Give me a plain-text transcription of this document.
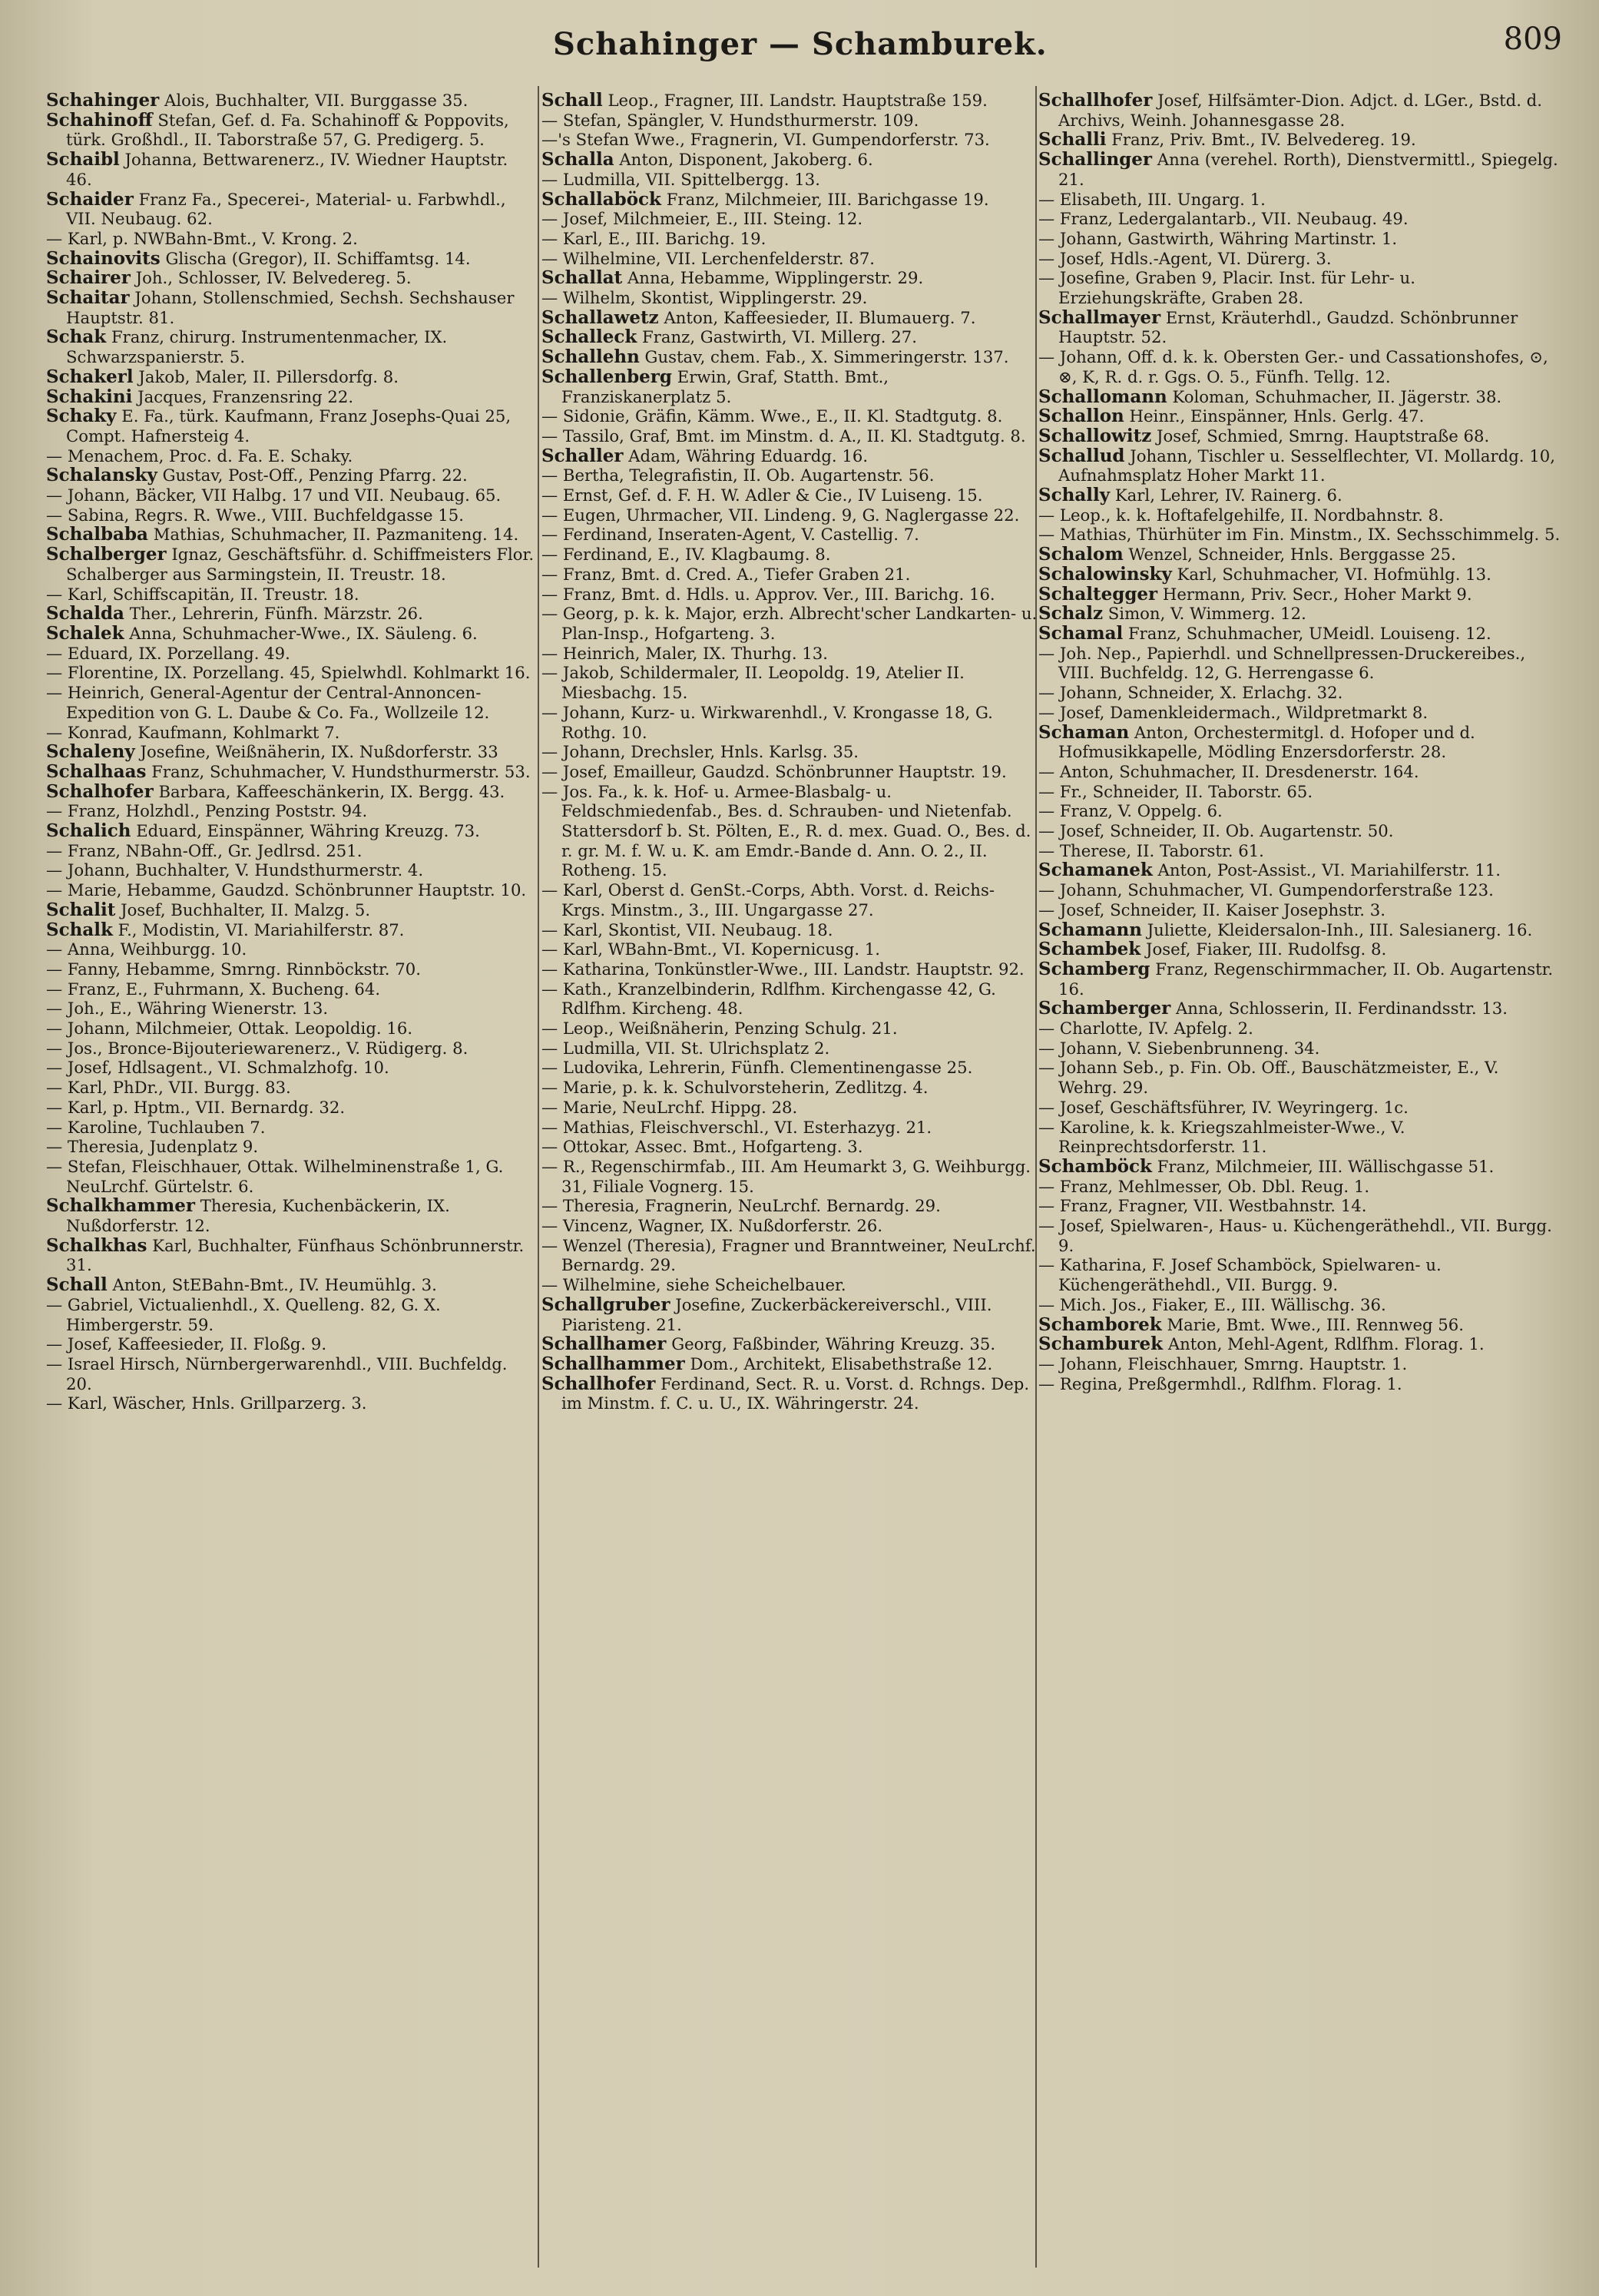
Schahinger — Schamburek.	809
Schahinger Alois, Buchhalter, VII. Burggasse 35.
Schahinoff Stefan, Gef. d. Fa. Schahinoff & Poppovits, türk. Großhdl., II. Taborstraße 57, G. Predigerg. 5.
Schaibl Johanna, Bettwarenerz., IV. Wiedner Hauptstr. 46.
Schaider Franz Fa., Specerei-, Material- u. Farbwhdl., VII. Neubaug. 62.
— Karl, p. NWBahn-Bmt., V. Krong. 2.
Schainovits Glischa (Gregor), II. Schiffamtsg. 14.
Schairer Joh., Schlosser, IV. Belvedereg. 5.
Schaitar Johann, Stollenschmied, Sechsh. Sechshauser Hauptstr. 81.
Schak Franz, chirurg. Instrumentenmacher, IX. Schwarzspanierstr. 5.
Schakerl Jakob, Maler, II. Pillersdorfg. 8.
Schakini Jacques, Franzensring 22.
Schaky E. Fa., türk. Kaufmann, Franz Josephs-Quai 25, Compt. Hafnersteig 4.
— Menachem, Proc. d. Fa. E. Schaky.
Schalansky Gustav, Post-Off., Penzing Pfarrg. 22.
— Johann, Bäcker, VII Halbg. 17 und VII. Neubaug. 65.
— Sabina, Regrs. R. Wwe., VIII. Buchfeldgasse 15.
Schalbaba Mathias, Schuhmacher, II. Pazmaniteng. 14.
Schalberger Ignaz, Geschäftsführ. d. Schiffmeisters Flor. Schalberger aus Sarmingstein, II. Treustr. 18.
— Karl, Schiffscapitän, II. Treustr. 18.
Schalda Ther., Lehrerin, Fünfh. Märzstr. 26.
Schalek Anna, Schuhmacher-Wwe., IX. Säuleng. 6.
— Eduard, IX. Porzellang. 49.
— Florentine, IX. Porzellang. 45, Spielwhdl. Kohlmarkt 16.
— Heinrich, General-Agentur der Central-Annoncen-Expedition von G. L. Daube & Co. Fa., Wollzeile 12.
— Konrad, Kaufmann, Kohlmarkt 7.
Schaleny Josefine, Weißnäherin, IX. Nußdorferstr. 33
Schalhaas Franz, Schuhmacher, V. Hundsthurmerstr. 53.
Schalhofer Barbara, Kaffeeschänkerin, IX. Bergg. 43.
— Franz, Holzhdl., Penzing Poststr. 94.
Schalich Eduard, Einspänner, Währing Kreuzg. 73.
— Franz, NBahn-Off., Gr. Jedlrsd. 251.
— Johann, Buchhalter, V. Hundsthurmerstr. 4.
— Marie, Hebamme, Gaudzd. Schönbrunner Hauptstr. 10.
Schalit Josef, Buchhalter, II. Malzg. 5.
Schalk F., Modistin, VI. Mariahilferstr. 87.
— Anna, Weihburgg. 10.
— Fanny, Hebamme, Smrng. Rinnböckstr. 70.
— Franz, E., Fuhrmann, X. Bucheng. 64.
— Joh., E., Währing Wienerstr. 13.
— Johann, Milchmeier, Ottak. Leopoldig. 16.
— Jos., Bronce-Bijouteriewarenerz., V. Rüdigerg. 8.
— Josef, Hdlsagent., VI. Schmalzhofg. 10.
— Karl, PhDr., VII. Burgg. 83.
— Karl, p. Hptm., VII. Bernardg. 32.
— Karoline, Tuchlauben 7.
— Theresia, Judenplatz 9.
— Stefan, Fleischhauer, Ottak. Wilhelminenstraße 1, G. NeuLrchf. Gürtelstr. 6.
Schalkhammer Theresia, Kuchenbäckerin, IX. Nußdorferstr. 12.
Schalkhas Karl, Buchhalter, Fünfhaus Schönbrunnerstr. 31.
Schall Anton, StEBahn-Bmt., IV. Heumühlg. 3.
— Gabriel, Victualienhdl., X. Quelleng. 82, G. X. Himbergerstr. 59.
— Josef, Kaffeesieder, II. Floßg. 9.
— Israel Hirsch, Nürnbergerwarenhdl., VIII. Buchfeldg. 20.
— Karl, Wäscher, Hnls. Grillparzerg. 3.
Schall Leop., Fragner, III. Landstr. Hauptstraße 159.
— Stefan, Spängler, V. Hundsthurmerstr. 109.
—'s Stefan Wwe., Fragnerin, VI. Gumpendorferstr. 73.
Schalla Anton, Disponent, Jakoberg. 6.
— Ludmilla, VII. Spittelbergg. 13.
Schallaböck Franz, Milchmeier, III. Barichgasse 19.
— Josef, Milchmeier, E., III. Steing. 12.
— Karl, E., III. Barichg. 19.
— Wilhelmine, VII. Lerchenfelderstr. 87.
Schallat Anna, Hebamme, Wipplingerstr. 29.
— Wilhelm, Skontist, Wipplingerstr. 29.
Schallawetz Anton, Kaffeesieder, II. Blumauerg. 7.
Schalleck Franz, Gastwirth, VI. Millerg. 27.
Schallehn Gustav, chem. Fab., X. Simmeringerstr. 137.
Schallenberg Erwin, Graf, Statth. Bmt., Franziskanerplatz 5.
— Sidonie, Gräfin, Kämm. Wwe., E., II. Kl. Stadtgutg. 8.
— Tassilo, Graf, Bmt. im Minstm. d. A., II. Kl. Stadtgutg. 8.
Schaller Adam, Währing Eduardg. 16.
— Bertha, Telegrafistin, II. Ob. Augartenstr. 56.
— Ernst, Gef. d. F. H. W. Adler & Cie., IV Luiseng. 15.
— Eugen, Uhrmacher, VII. Lindeng. 9, G. Naglergasse 22.
— Ferdinand, Inseraten-Agent, V. Castellig. 7.
— Ferdinand, E., IV. Klagbaumg. 8.
— Franz, Bmt. d. Cred. A., Tiefer Graben 21.
— Franz, Bmt. d. Hdls. u. Approv. Ver., III. Barichg. 16.
— Georg, p. k. k. Major, erzh. Albrecht'scher Landkarten- u. Plan-Insp., Hofgarteng. 3.
— Heinrich, Maler, IX. Thurhg. 13.
— Jakob, Schildermaler, II. Leopoldg. 19, Atelier II. Miesbachg. 15.
— Johann, Kurz- u. Wirkwarenhdl., V. Krongasse 18, G. Rothg. 10.
— Johann, Drechsler, Hnls. Karlsg. 35.
— Josef, Emailleur, Gaudzd. Schönbrunner Hauptstr. 19.
— Jos. Fa., k. k. Hof- u. Armee-Blasbalg- u. Feldschmiedenfab., Bes. d. Schrauben- und Nietenfab. Stattersdorf b. St. Pölten, E., R. d. mex. Guad. O., Bes. d. r. gr. M. f. W. u. K. am Emdr.-Bande d. Ann. O. 2., II. Rotheng. 15.
— Karl, Oberst d. GenSt.-Corps, Abth. Vorst. d. Reichs-Krgs. Minstm., 3., III. Ungargasse 27.
— Karl, Skontist, VII. Neubaug. 18.
— Karl, WBahn-Bmt., VI. Kopernicusg. 1.
— Katharina, Tonkünstler-Wwe., III. Landstr. Hauptstr. 92.
— Kath., Kranzelbinderin, Rdlfhm. Kirchengasse 42, G. Rdlfhm. Kircheng. 48.
— Leop., Weißnäherin, Penzing Schulg. 21.
— Ludmilla, VII. St. Ulrichsplatz 2.
— Ludovika, Lehrerin, Fünfh. Clementinengasse 25.
— Marie, p. k. k. Schulvorsteherin, Zedlitzg. 4.
— Marie, NeuLrchf. Hippg. 28.
— Mathias, Fleischverschl., VI. Esterhazyg. 21.
— Ottokar, Assec. Bmt., Hofgarteng. 3.
— R., Regenschirmfab., III. Am Heumarkt 3, G. Weihburgg. 31, Filiale Vognerg. 15.
— Theresia, Fragnerin, NeuLrchf. Bernardg. 29.
— Vincenz, Wagner, IX. Nußdorferstr. 26.
— Wenzel (Theresia), Fragner und Branntweiner, NeuLrchf. Bernardg. 29.
— Wilhelmine, siehe Scheichelbauer.
Schallgruber Josefine, Zuckerbäckereiverschl., VIII. Piaristeng. 21.
Schallhamer Georg, Faßbinder, Währing Kreuzg. 35.
Schallhammer Dom., Architekt, Elisabethstraße 12.
Schallhofer Ferdinand, Sect. R. u. Vorst. d. Rchngs. Dep. im Minstm. f. C. u. U., IX. Währingerstr. 24.
Schallhofer Josef, Hilfsämter-Dion. Adjct. d. LGer., Bstd. d. Archivs, Weinh. Johannesgasse 28.
Schalli Franz, Priv. Bmt., IV. Belvedereg. 19.
Schallinger Anna (verehel. Rorth), Dienstvermittl., Spiegelg. 21.
— Elisabeth, III. Ungarg. 1.
— Franz, Ledergalantarb., VII. Neubaug. 49.
— Johann, Gastwirth, Währing Martinstr. 1.
— Josef, Hdls.-Agent, VI. Dürerg. 3.
— Josefine, Graben 9, Placir. Inst. für Lehr- u. Erziehungskräfte, Graben 28.
Schallmayer Ernst, Kräuterhdl., Gaudzd. Schönbrunner Hauptstr. 52.
— Johann, Off. d. k. k. Obersten Ger.- und Cassationshofes, ⊙, ⊗, K, R. d. r. Ggs. O. 5., Fünfh. Tellg. 12.
Schallomann Koloman, Schuhmacher, II. Jägerstr. 38.
Schallon Heinr., Einspänner, Hnls. Gerlg. 47.
Schallowitz Josef, Schmied, Smrng. Hauptstraße 68.
Schallud Johann, Tischler u. Sesselflechter, VI. Mollardg. 10, Aufnahmsplatz Hoher Markt 11.
Schally Karl, Lehrer, IV. Rainerg. 6.
— Leop., k. k. Hoftafelgehilfe, II. Nordbahnstr. 8.
— Mathias, Thürhüter im Fin. Minstm., IX. Sechsschimmelg. 5.
Schalom Wenzel, Schneider, Hnls. Berggasse 25.
Schalowinsky Karl, Schuhmacher, VI. Hofmühlg. 13.
Schaltegger Hermann, Priv. Secr., Hoher Markt 9.
Schalz Simon, V. Wimmerg. 12.
Schamal Franz, Schuhmacher, UMeidl. Louiseng. 12.
— Joh. Nep., Papierhdl. und Schnellpressen-Druckereibes., VIII. Buchfeldg. 12, G. Herrengasse 6.
— Johann, Schneider, X. Erlachg. 32.
— Josef, Damenkleidermach., Wildpretmarkt 8.
Schaman Anton, Orchestermitgl. d. Hofoper und d. Hofmusikkapelle, Mödling Enzersdorferstr. 28.
— Anton, Schuhmacher, II. Dresdenerstr. 164.
— Fr., Schneider, II. Taborstr. 65.
— Franz, V. Oppelg. 6.
— Josef, Schneider, II. Ob. Augartenstr. 50.
— Therese, II. Taborstr. 61.
Schamanek Anton, Post-Assist., VI. Mariahilferstr. 11.
— Johann, Schuhmacher, VI. Gumpendorferstraße 123.
— Josef, Schneider, II. Kaiser Josephstr. 3.
Schamann Juliette, Kleidersalon-Inh., III. Salesianerg. 16.
Schambek Josef, Fiaker, III. Rudolfsg. 8.
Schamberg Franz, Regenschirmmacher, II. Ob. Augartenstr. 16.
Schamberger Anna, Schlosserin, II. Ferdinandsstr. 13.
— Charlotte, IV. Apfelg. 2.
— Johann, V. Siebenbrunneng. 34.
— Johann Seb., p. Fin. Ob. Off., Bauschätzmeister, E., V. Wehrg. 29.
— Josef, Geschäftsführer, IV. Weyringerg. 1c.
— Karoline, k. k. Kriegszahlmeister-Wwe., V. Reinprechtsdorferstr. 11.
Schamböck Franz, Milchmeier, III. Wällischgasse 51.
— Franz, Mehlmesser, Ob. Dbl. Reug. 1.
— Franz, Fragner, VII. Westbahnstr. 14.
— Josef, Spielwaren-, Haus- u. Küchengeräthehdl., VII. Burgg. 9.
— Katharina, F. Josef Schamböck, Spielwaren- u. Küchengeräthehdl., VII. Burgg. 9.
— Mich. Jos., Fiaker, E., III. Wällischg. 36.
Schamborek Marie, Bmt. Wwe., III. Rennweg 56.
Schamburek Anton, Mehl-Agent, Rdlfhm. Florag. 1.
— Johann, Fleischhauer, Smrng. Hauptstr. 1.
— Regina, Preßgermhdl., Rdlfhm. Florag. 1.
